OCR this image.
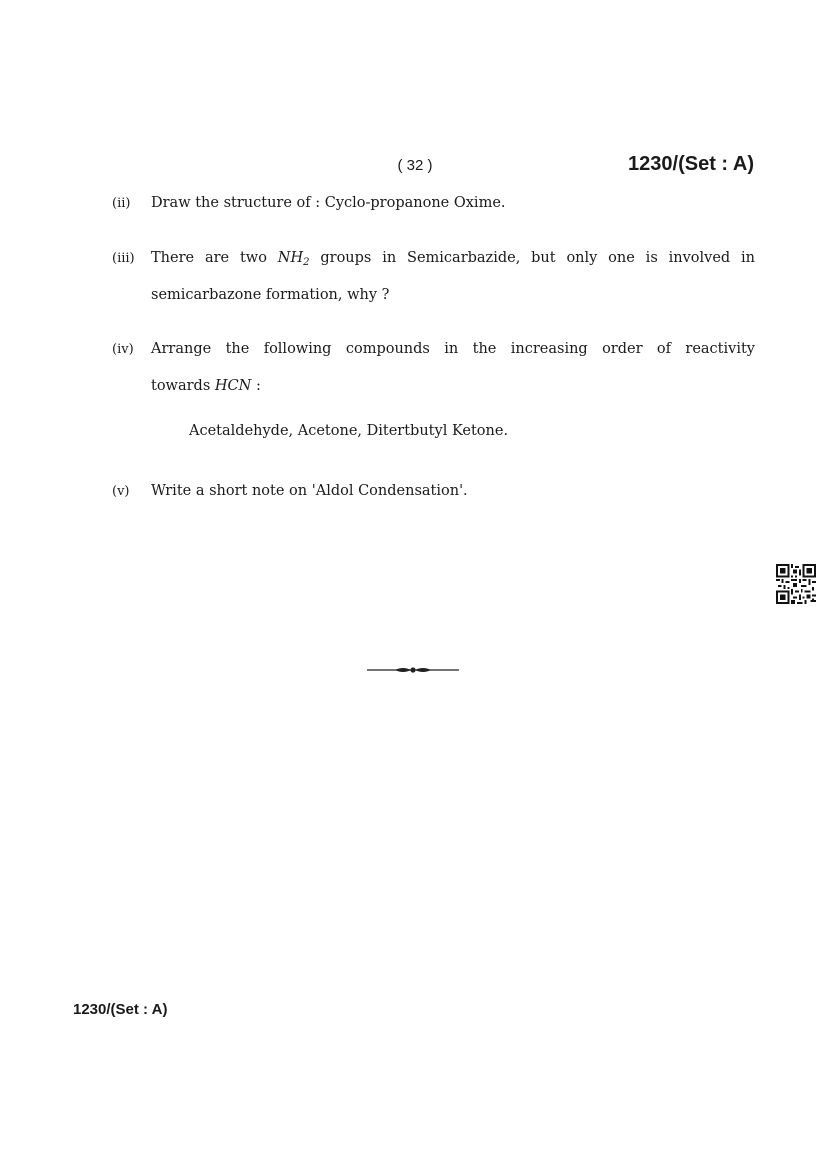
( 32 )	1230/(Set : A)
(ii) Draw the structure of : Cyclo-propanone Oxime.
(iii) There are two $NH_2$ groups in Semicarbazide, but only one is involved in
semicarbazone formation, why ?
(iv) Arrange the following compounds in the increasing order of reactivity
towards HCN :
Acetaldehyde, Acetone, Ditertbutyl Ketone.
(v) Write a short note on 'Aldol Condensation'.
1230/(Set : A)
